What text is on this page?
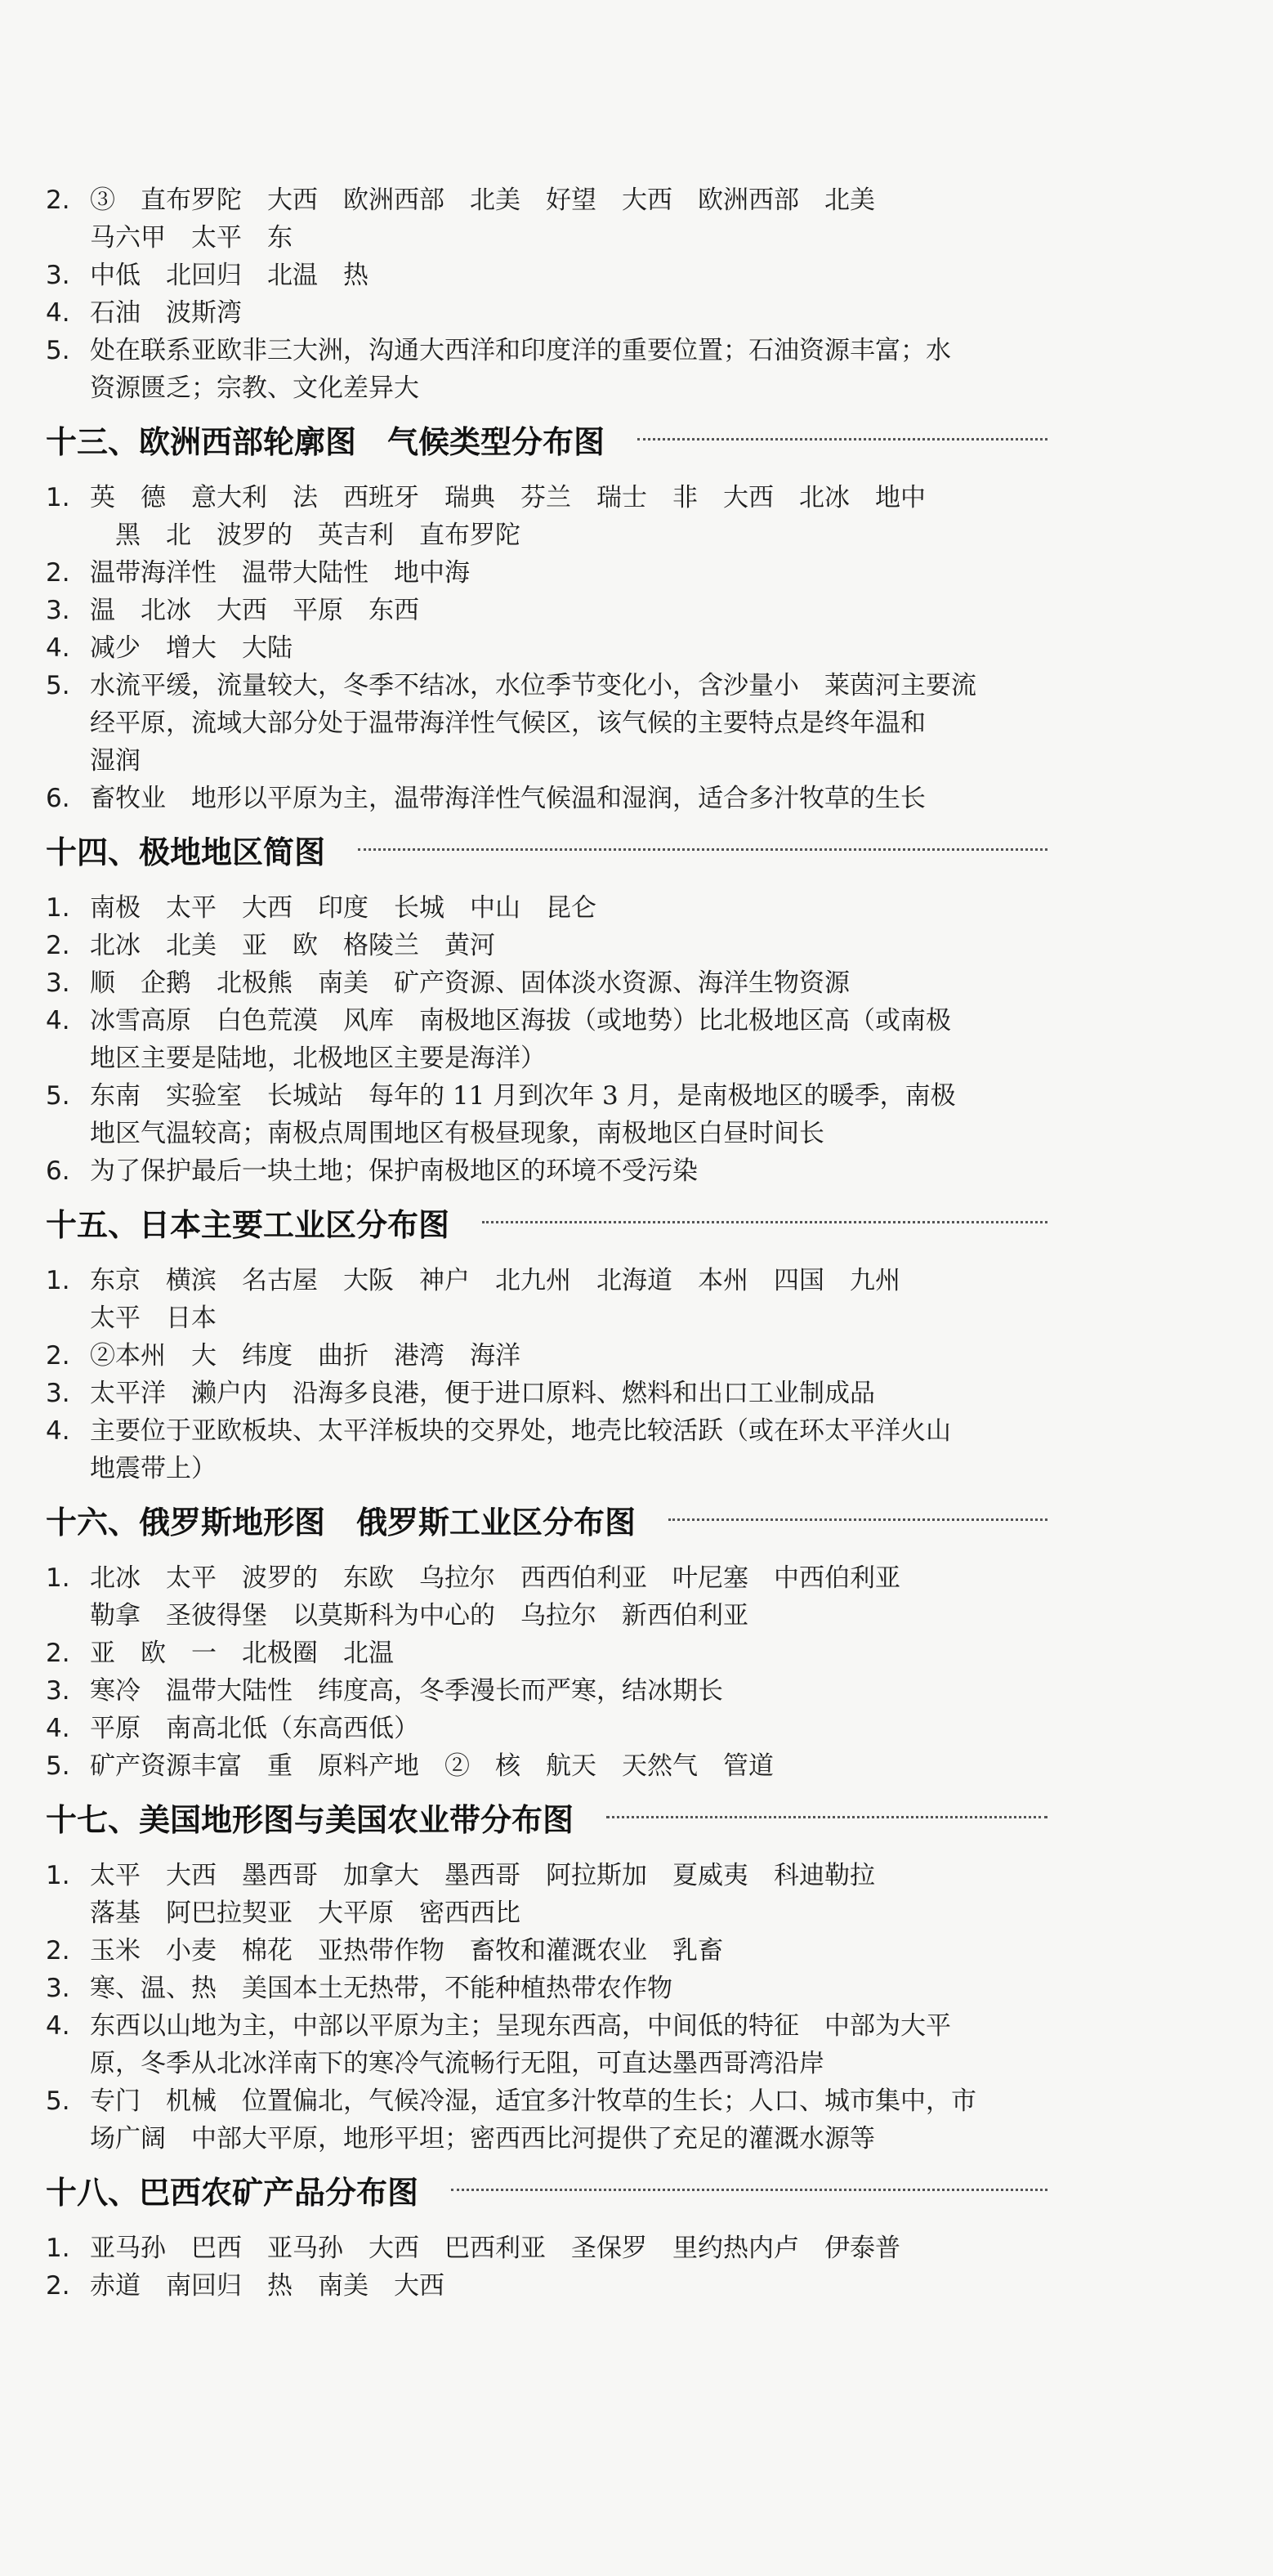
2. ③　直布罗陀　大西　欧洲西部　北美　好望　大西　欧洲西部　北美
马六甲　太平　东
3. 中低　北回归　北温　热
4. 石油　波斯湾
5. 处在联系亚欧非三大洲，沟通大西洋和印度洋的重要位置；石油资源丰富；水
资源匮乏；宗教、文化差异大
十三、欧洲西部轮廓图　气候类型分布图
1. 英　德　意大利　法　西班牙　瑞典　芬兰　瑞士　非　大西　北冰　地中
　黑　北　波罗的　英吉利　直布罗陀
2. 温带海洋性　温带大陆性　地中海
3. 温　北冰　大西　平原　东西
4. 减少　增大　大陆
5. 水流平缓，流量较大，冬季不结冰，水位季节变化小，含沙量小　莱茵河主要流
经平原，流域大部分处于温带海洋性气候区，该气候的主要特点是终年温和
湿润
6. 畜牧业　地形以平原为主，温带海洋性气候温和湿润，适合多汁牧草的生长
十四、极地地区简图
1. 南极　太平　大西　印度　长城　中山　昆仑
2. 北冰　北美　亚　欧　格陵兰　黄河
3. 顺　企鹅　北极熊　南美　矿产资源、固体淡水资源、海洋生物资源
4. 冰雪高原　白色荒漠　风库　南极地区海拔（或地势）比北极地区高（或南极
地区主要是陆地，北极地区主要是海洋）
5. 东南　实验室　长城站　每年的 11 月到次年 3 月，是南极地区的暖季，南极
地区气温较高；南极点周围地区有极昼现象，南极地区白昼时间长
6. 为了保护最后一块土地；保护南极地区的环境不受污染
十五、日本主要工业区分布图
1. 东京　横滨　名古屋　大阪　神户　北九州　北海道　本州　四国　九州
太平　日本
2. ②本州　大　纬度　曲折　港湾　海洋
3. 太平洋　濑户内　沿海多良港，便于进口原料、燃料和出口工业制成品
4. 主要位于亚欧板块、太平洋板块的交界处，地壳比较活跃（或在环太平洋火山
地震带上）
十六、俄罗斯地形图　俄罗斯工业区分布图
1. 北冰　太平　波罗的　东欧　乌拉尔　西西伯利亚　叶尼塞　中西伯利亚
勒拿　圣彼得堡　以莫斯科为中心的　乌拉尔　新西伯利亚
2. 亚　欧　一　北极圈　北温
3. 寒冷　温带大陆性　纬度高，冬季漫长而严寒，结冰期长
4. 平原　南高北低（东高西低）
5. 矿产资源丰富　重　原料产地　②　核　航天　天然气　管道
十七、美国地形图与美国农业带分布图
1. 太平　大西　墨西哥　加拿大　墨西哥　阿拉斯加　夏威夷　科迪勒拉
落基　阿巴拉契亚　大平原　密西西比
2. 玉米　小麦　棉花　亚热带作物　畜牧和灌溉农业　乳畜
3. 寒、温、热　美国本土无热带，不能种植热带农作物
4. 东西以山地为主，中部以平原为主；呈现东西高，中间低的特征　中部为大平
原，冬季从北冰洋南下的寒冷气流畅行无阻，可直达墨西哥湾沿岸
5. 专门　机械　位置偏北，气候冷湿，适宜多汁牧草的生长；人口、城市集中，市
场广阔　中部大平原，地形平坦；密西西比河提供了充足的灌溉水源等
十八、巴西农矿产品分布图
1. 亚马孙　巴西　亚马孙　大西　巴西利亚　圣保罗　里约热内卢　伊泰普
2. 赤道　南回归　热　南美　大西
